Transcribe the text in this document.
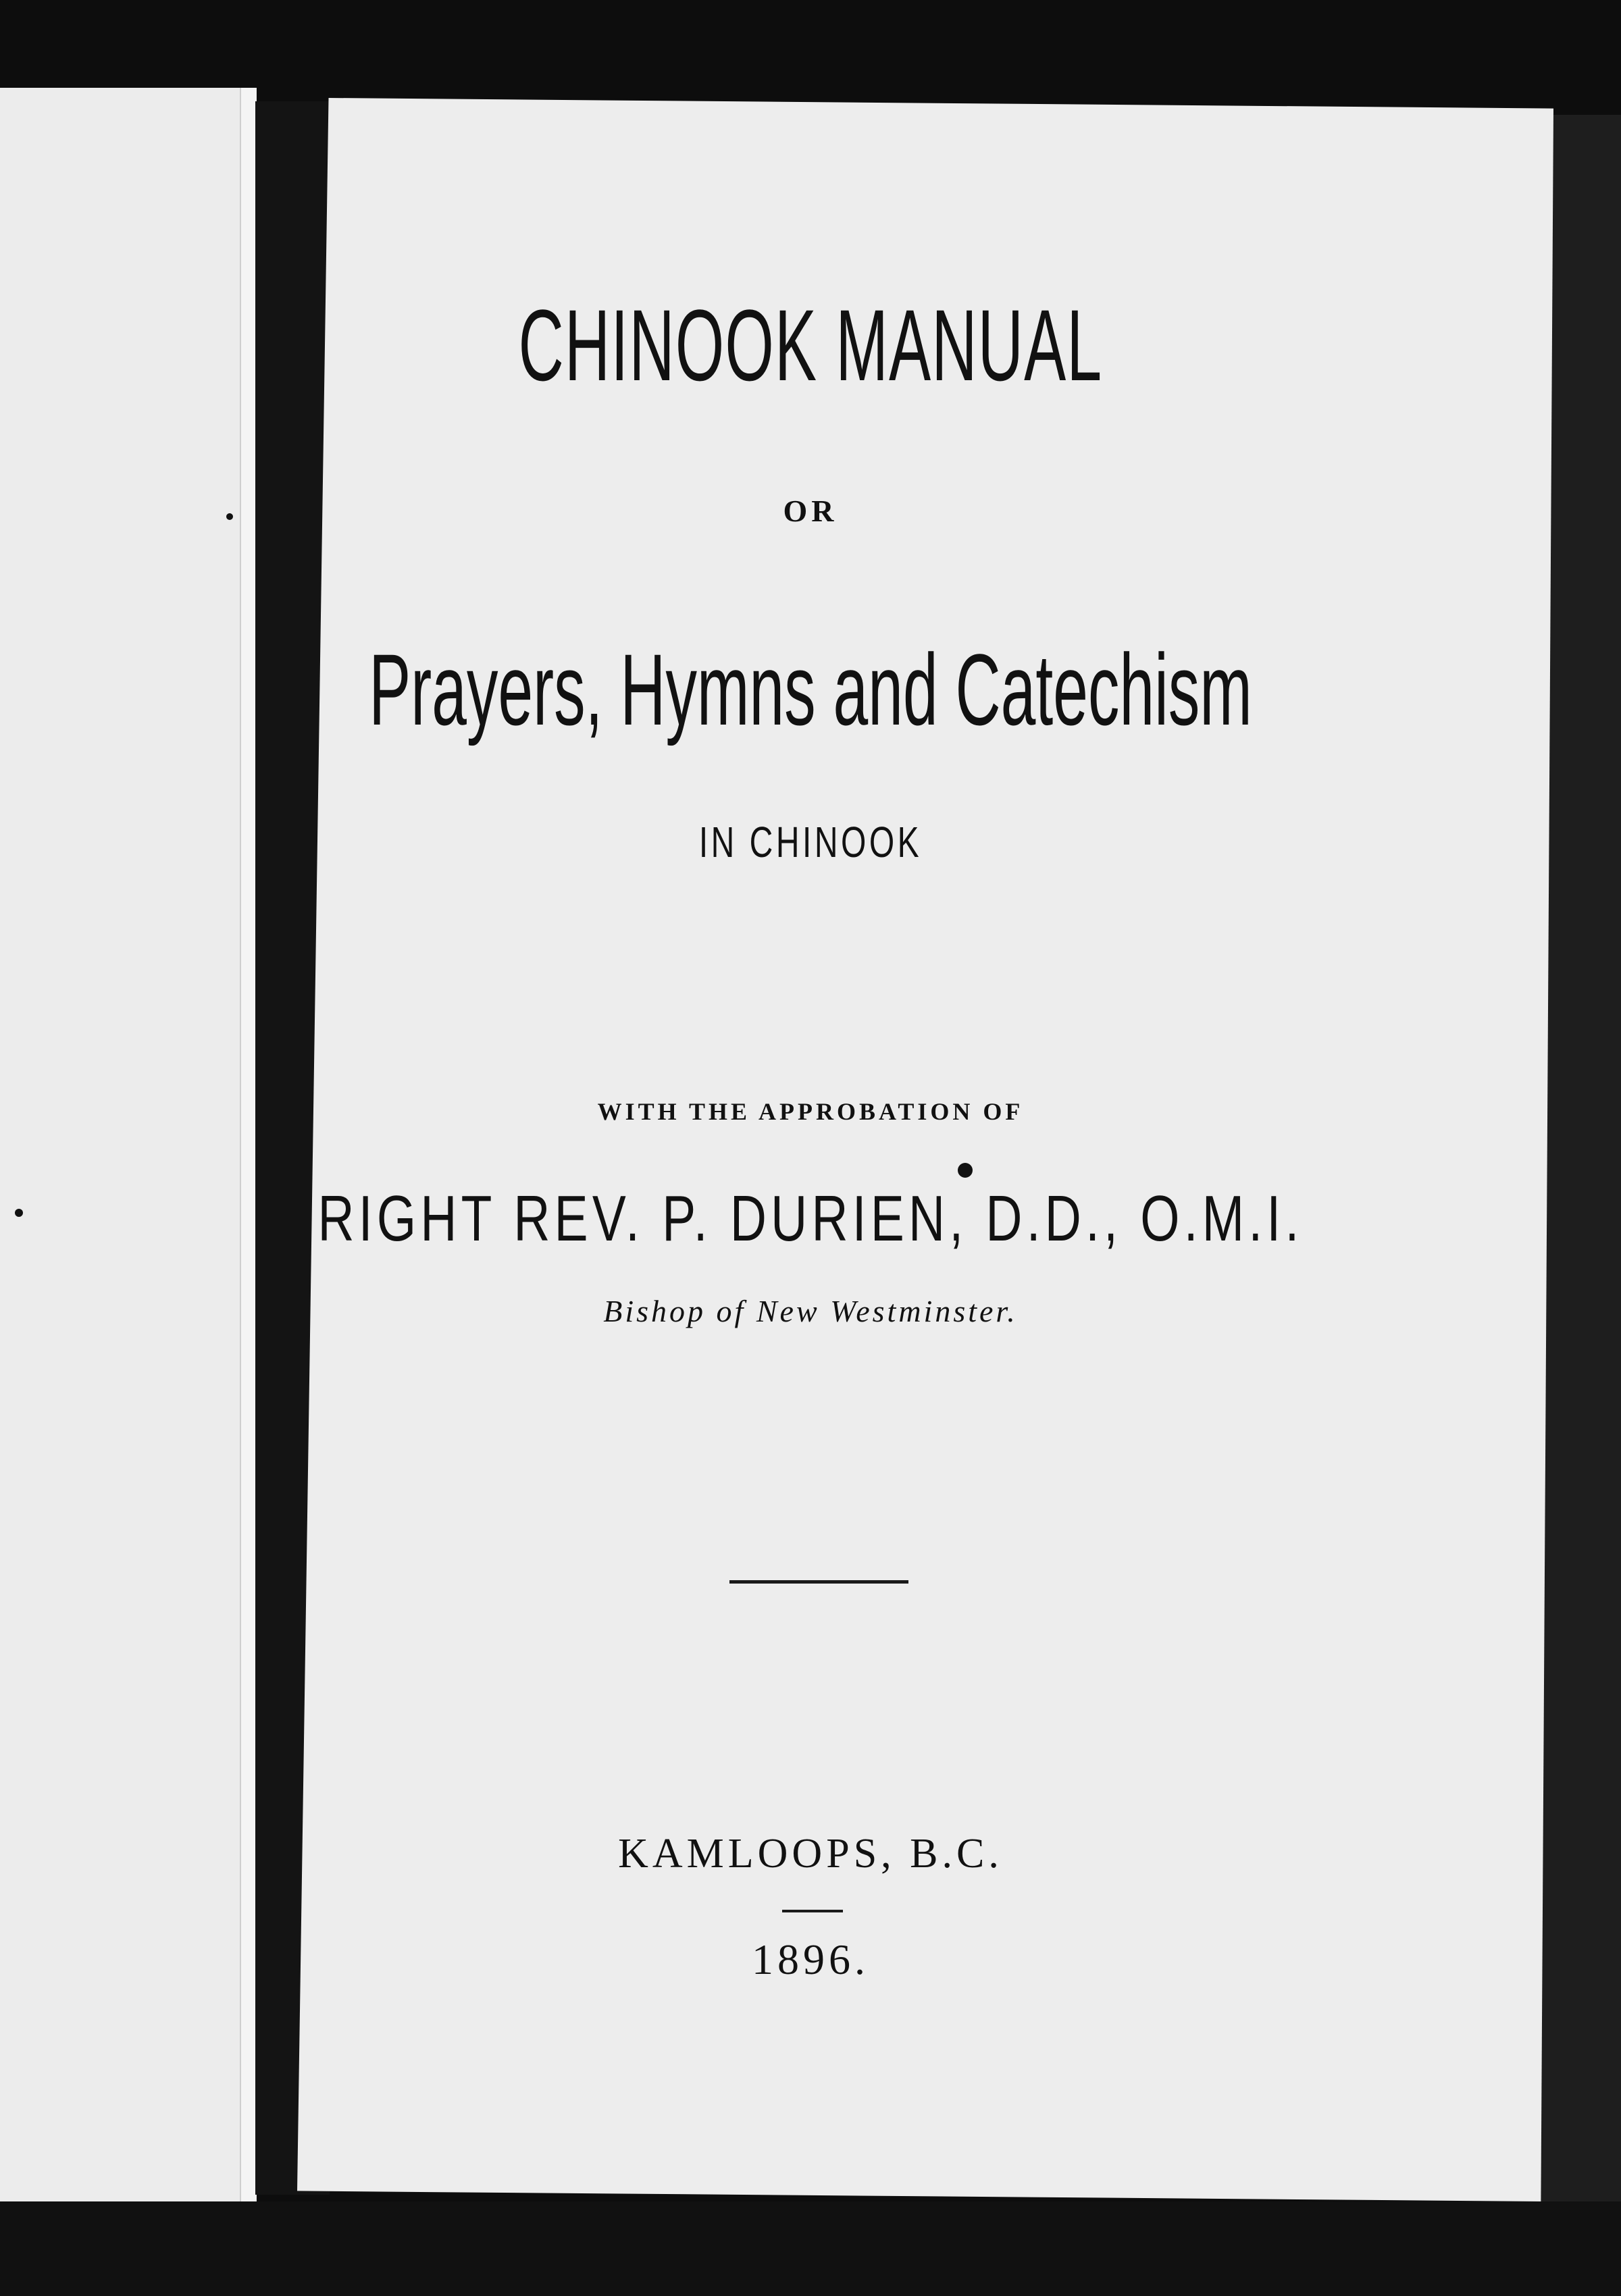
CHINOOK MANUAL

OR

Prayers, Hymns and Catechism

IN CHINOOK

WITH THE APPROBATION OF

RIGHT REV. P. DURIEN, D.D., O.M.I.

Bishop of New Westminster.

KAMLOOPS, B.C.

1896.
